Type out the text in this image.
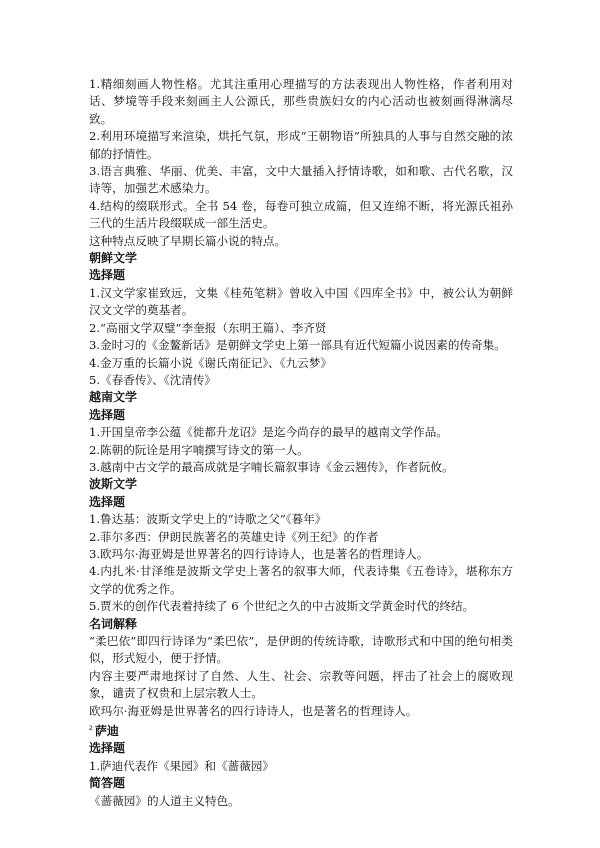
1.精细刻画人物性格。尤其注重用心理描写的方法表现出人物性格，作者利用对话、梦境等手段来刻画主人公源氏，那些贵族妇女的内心活动也被刻画得淋漓尽致。

2.利用环境描写来渲染，烘托气氛，形成“王朝物语”所独具的人事与自然交融的浓郁的抒情性。

3.语言典雅、华丽、优美、丰富，文中大量插入抒情诗歌，如和歌、古代名歌，汉诗等，加强艺术感染力。

4.结构的缀联形式。全书 54 卷，每卷可独立成篇，但又连绵不断，将光源氏祖孙三代的生活片段缀联成一部生活史。

这种特点反映了早期长篇小说的特点。

朝鲜文学

选择题

1.汉文学家崔致远，文集《桂苑笔耕》曾收入中国《四库全书》中，被公认为朝鲜汉文文学的奠基者。

2.“高丽文学双璧”李奎报（东明王篇）、李齐贤

3.金时习的《金鳌新话》是朝鲜文学史上第一部具有近代短篇小说因素的传奇集。

4.金万重的长篇小说《谢氏南征记》、《九云梦》

5.《春香传》、《沈清传》

越南文学

选择题

1.开国皇帝李公蕴《徙都升龙诏》是迄今尚存的最早的越南文学作品。

2.陈朝的阮诠是用字喃撰写诗文的第一人。

3.越南中古文学的最高成就是字喃长篇叙事诗《金云翘传》，作者阮攸。

波斯文学

选择题

1.鲁达基：波斯文学史上的“诗歌之父”《暮年》

2.菲尔多西：伊朗民族著名的英雄史诗《列王纪》的作者

3.欧玛尔·海亚姆是世界著名的四行诗诗人，也是著名的哲理诗人。

4.内扎米·甘泽维是波斯文学史上著名的叙事大师，代表诗集《五卷诗》，堪称东方文学的优秀之作。

5.贾米的创作代表着持续了 6 个世纪之久的中古波斯文学黄金时代的终结。

名词解释

“柔巴依”即四行诗译为“柔巴依”，是伊朗的传统诗歌，诗歌形式和中国的绝句相类似，形式短小，便于抒情。

内容主要严肃地探讨了自然、人生、社会、宗教等问题，抨击了社会上的腐败现象，谴责了权贵和上层宗教人士。

欧玛尔·海亚姆是世界著名的四行诗诗人，也是著名的哲理诗人。

$^2$ 萨迪

选择题

1.萨迪代表作《果园》和《蔷薇园》

简答题

《蔷薇园》的人道主义特色。
